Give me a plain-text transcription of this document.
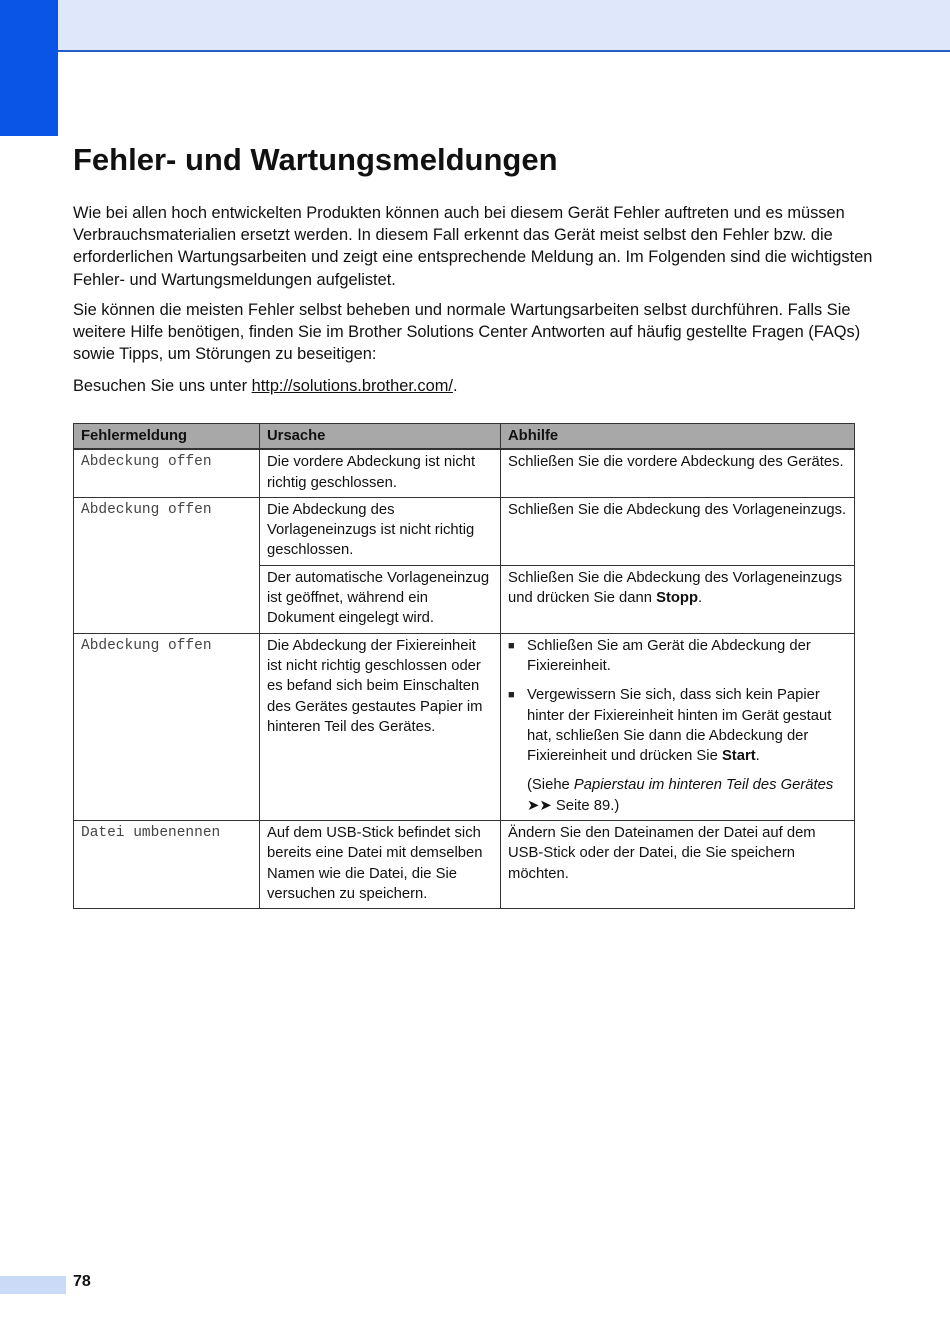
Fehler- und Wartungsmeldungen

Wie bei allen hoch entwickelten Produkten können auch bei diesem Gerät Fehler auftreten und es müssen Verbrauchsmaterialien ersetzt werden. In diesem Fall erkennt das Gerät meist selbst den Fehler bzw. die erforderlichen Wartungsarbeiten und zeigt eine entsprechende Meldung an. Im Folgenden sind die wichtigsten Fehler- und Wartungsmeldungen aufgelistet.

Sie können die meisten Fehler selbst beheben und normale Wartungsarbeiten selbst durchführen. Falls Sie weitere Hilfe benötigen, finden Sie im Brother Solutions Center Antworten auf häufig gestellte Fragen (FAQs) sowie Tipps, um Störungen zu beseitigen:

Besuchen Sie uns unter http://solutions.brother.com/.

Fehlermeldung	Ursache	Abhilfe
Abdeckung offen	Die vordere Abdeckung ist nicht richtig geschlossen.	Schließen Sie die vordere Abdeckung des Gerätes.
Abdeckung offen	Die Abdeckung des Vorlageneinzugs ist nicht richtig geschlossen.	Schließen Sie die Abdeckung des Vorlageneinzugs.
	Der automatische Vorlageneinzug ist geöffnet, während ein Dokument eingelegt wird.	Schließen Sie die Abdeckung des Vorlageneinzugs und drücken Sie dann Stopp.
Abdeckung offen	Die Abdeckung der Fixiereinheit ist nicht richtig geschlossen oder es befand sich beim Einschalten des Gerätes gestautes Papier im hinteren Teil des Gerätes.	■ Schließen Sie am Gerät die Abdeckung der Fixiereinheit.
■ Vergewissern Sie sich, dass sich kein Papier hinter der Fixiereinheit hinten im Gerät gestaut hat, schließen Sie dann die Abdeckung der Fixiereinheit und drücken Sie Start.
(Siehe Papierstau im hinteren Teil des Gerätes ➤➤ Seite 89.)

Datei umbenennen	Auf dem USB-Stick befindet sich bereits eine Datei mit demselben Namen wie die Datei, die Sie versuchen zu speichern.	Ändern Sie den Dateinamen der Datei auf dem USB-Stick oder der Datei, die Sie speichern möchten.
78
